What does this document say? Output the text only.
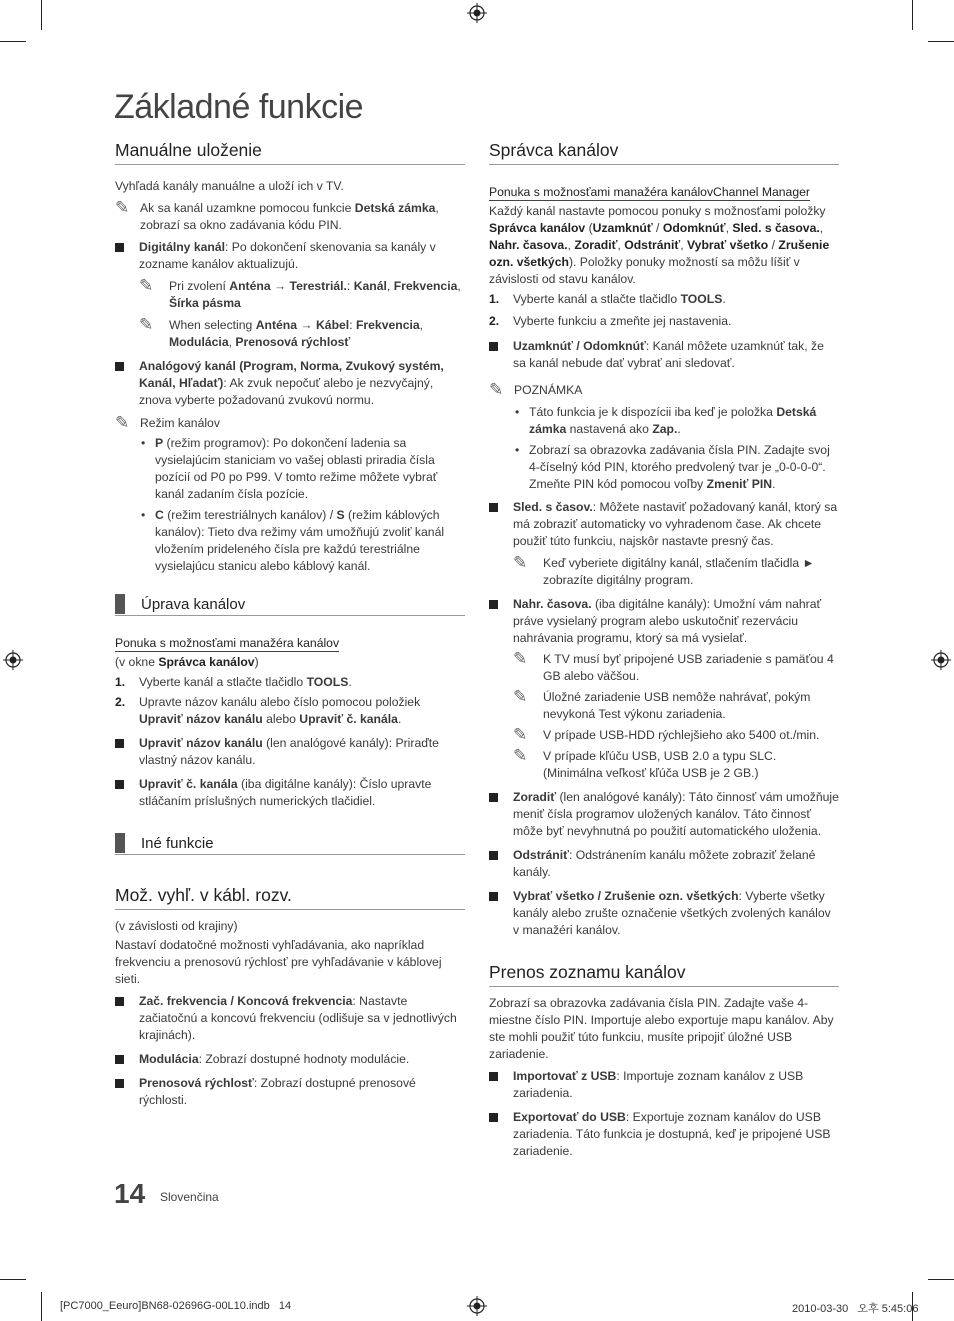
Základné funkcie
Manuálne uloženie

Vyhľadá kanály manuálne a uloží ich v TV.

✎ Ak sa kanál uzamkne pomocou funkcie Detská zámka, zobrazí sa okno zadávania kódu PIN.
Digitálny kanál: Po dokončení skenovania sa kanály v zozname kanálov aktualizujú.
✎ Pri zvolení Anténa → Terestriál.: Kanál, Frekvencia, Šírka pásma
✎ When selecting Anténa → Kábel: Frekvencia, Modulácia, Prenosová rýchlosť
Analógový kanál (Program, Norma, Zvukový systém, Kanál, Hľadať): Ak zvuk nepočuť alebo je nezvyčajný, znova vyberte požadovanú zvukovú normu.
✎ Režim kanálov
• P (režim programov): Po dokončení ladenia sa vysielajúcim staniciam vo vašej oblasti priradia čísla pozícií od P0 po P99. V tomto režime môžete vybrať kanál zadaním čísla pozície.
• C (režim terestriálnych kanálov) / S (režim káblových kanálov): Tieto dva režimy vám umožňujú zvoliť kanál vložením prideleného čísla pre každú terestriálne vysielajúcu stanicu alebo káblový kanál.
Úprava kanálov
Ponuka s možnosťami manažéra kanálov

(v okne Správca kanálov)

1. Vyberte kanál a stlačte tlačidlo TOOLS.
2. Upravte názov kanálu alebo číslo pomocou položiek Upraviť názov kanálu alebo Upraviť č. kanála.
Upraviť názov kanálu (len analógové kanály): Priraďte vlastný názov kanálu.
Upraviť č. kanála (iba digitálne kanály): Číslo upravte stláčaním príslušných numerických tlačidiel.
Iné funkcie
Mož. vyhľ. v kábl. rozv.

(v závislosti od krajiny)

Nastaví dodatočné možnosti vyhľadávania, ako napríklad frekvenciu a prenosovú rýchlosť pre vyhľadávanie v káblovej sieti.

Zač. frekvencia / Koncová frekvencia: Nastavte začiatočnú a koncovú frekvenciu (odlišuje sa v jednotlivých krajinách).
Modulácia: Zobrazí dostupné hodnoty modulácie.
Prenosová rýchlosť: Zobrazí dostupné prenosové rýchlosti.
Správca kanálov
Ponuka s možnosťami manažéra kanálovChannel Manager

Každý kanál nastavte pomocou ponuky s možnosťami položky Správca kanálov (Uzamknúť / Odomknúť, Sled. s časova., Nahr. časova., Zoradiť, Odstrániť, Vybrať všetko / Zrušenie ozn. všetkých). Položky ponuky možností sa môžu líšiť v závislosti od stavu kanálov.

1. Vyberte kanál a stlačte tlačidlo TOOLS.
2. Vyberte funkciu a zmeňte jej nastavenia.
Uzamknúť / Odomknúť: Kanál môžete uzamknúť tak, že sa kanál nebude dať vybrať ani sledovať.
✎ POZNÁMKA
• Táto funkcia je k dispozícii iba keď je položka Detská zámka nastavená ako Zap..
• Zobrazí sa obrazovka zadávania čísla PIN. Zadajte svoj 4-číselný kód PIN, ktorého predvolený tvar je „0-0-0-0“. Zmeňte PIN kód pomocou voľby Zmeniť PIN.
Sled. s časov.: Môžete nastaviť požadovaný kanál, ktorý sa má zobraziť automaticky vo vyhradenom čase. Ak chcete použiť túto funkciu, najskôr nastavte presný čas.
✎ Keď vyberiete digitálny kanál, stlačením tlačidla ► zobrazíte digitálny program.
Nahr. časova. (iba digitálne kanály): Umožní vám nahrať práve vysielaný program alebo uskutočniť rezerváciu nahrávania programu, ktorý sa má vysielať.
✎ K TV musí byť pripojené USB zariadenie s pamäťou 4 GB alebo väčšou.
✎ Úložné zariadenie USB nemôže nahrávať, pokým nevykoná Test výkonu zariadenia.
✎ V prípade USB-HDD rýchlejšieho ako 5400 ot./min.
✎ V prípade kľúču USB, USB 2.0 a typu SLC. (Minimálna veľkosť kľúča USB je 2 GB.)
Zoradiť (len analógové kanály): Táto činnosť vám umožňuje meniť čísla programov uložených kanálov. Táto činnosť môže byť nevyhnutná po použití automatického uloženia.
Odstrániť: Odstránením kanálu môžete zobraziť želané kanály.
Vybrať všetko / Zrušenie ozn. všetkých: Vyberte všetky kanály alebo zrušte označenie všetkých zvolených kanálov v manažéri kanálov.
Prenos zoznamu kanálov

Zobrazí sa obrazovka zadávania čísla PIN. Zadajte vaše 4-miestne číslo PIN. Importuje alebo exportuje mapu kanálov. Aby ste mohli použiť túto funkciu, musíte pripojiť úložné USB zariadenie.

Importovať z USB: Importuje zoznam kanálov z USB zariadenia.
Exportovať do USB: Exportuje zoznam kanálov do USB zariadenia. Táto funkcia je dostupná, keď je pripojené USB zariadenie.
14 Slovenčina
[PC7000_Eeuro]BN68-02696G-00L10.indb   14	2010-03-30   오후 5:45:06
